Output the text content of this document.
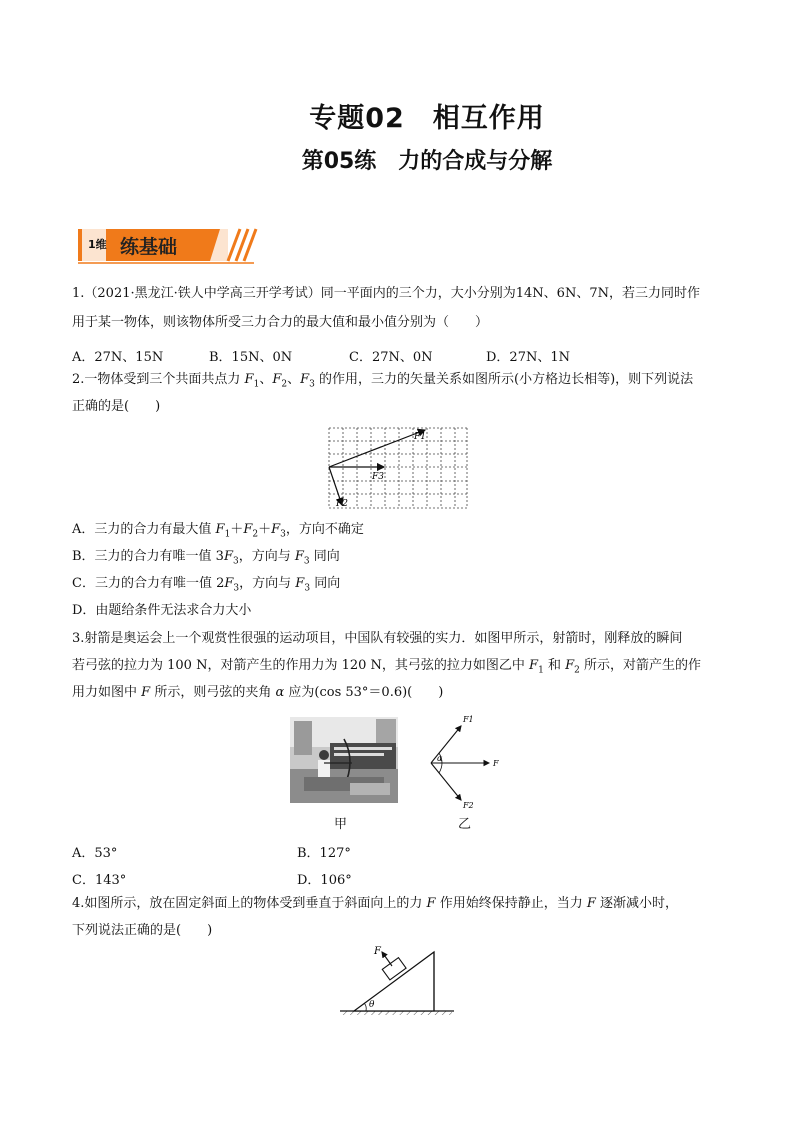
专题02　相互作用
第05练　力的合成与分解
1维 练基础
1.（2021·黑龙江·铁人中学高三开学考试）同一平面内的三个力，大小分别为14N、6N、7N，若三力同时作
用于某一物体，则该物体所受三力合力的最大值和最小值分别为（　　）
A．27N、15N	B．15N、0N	C．27N、0N	D．27N、1N
2.一物体受到三个共面共点力 $F_1$、$F_2$、$F_3$ 的作用，三力的矢量关系如图所示(小方格边长相等)，则下列说法
正确的是(　　)
F1
F3
F2
A．三力的合力有最大值 $F_1+F_2+F_3$，方向不确定
B．三力的合力有唯一值 $3F_3$，方向与 $F_3$ 同向
C．三力的合力有唯一值 $2F_3$，方向与 $F_3$ 同向
D．由题给条件无法求合力大小
3.射箭是奥运会上一个观赏性很强的运动项目，中国队有较强的实力．如图甲所示，射箭时，刚释放的瞬间
若弓弦的拉力为 100 N，对箭产生的作用力为 120 N，其弓弦的拉力如图乙中 $F_1$ 和 $F_2$ 所示，对箭产生的作
用力如图中 F 所示，则弓弦的夹角 α 应为(cos 53°＝0.6)(　　)
F1
α
F
F2
甲	乙
A．53°	B．127°
C．143°	D．106°
4.如图所示，放在固定斜面上的物体受到垂直于斜面向上的力 F 作用始终保持静止，当力 F 逐渐减小时，
下列说法正确的是(　　)
F
θ
